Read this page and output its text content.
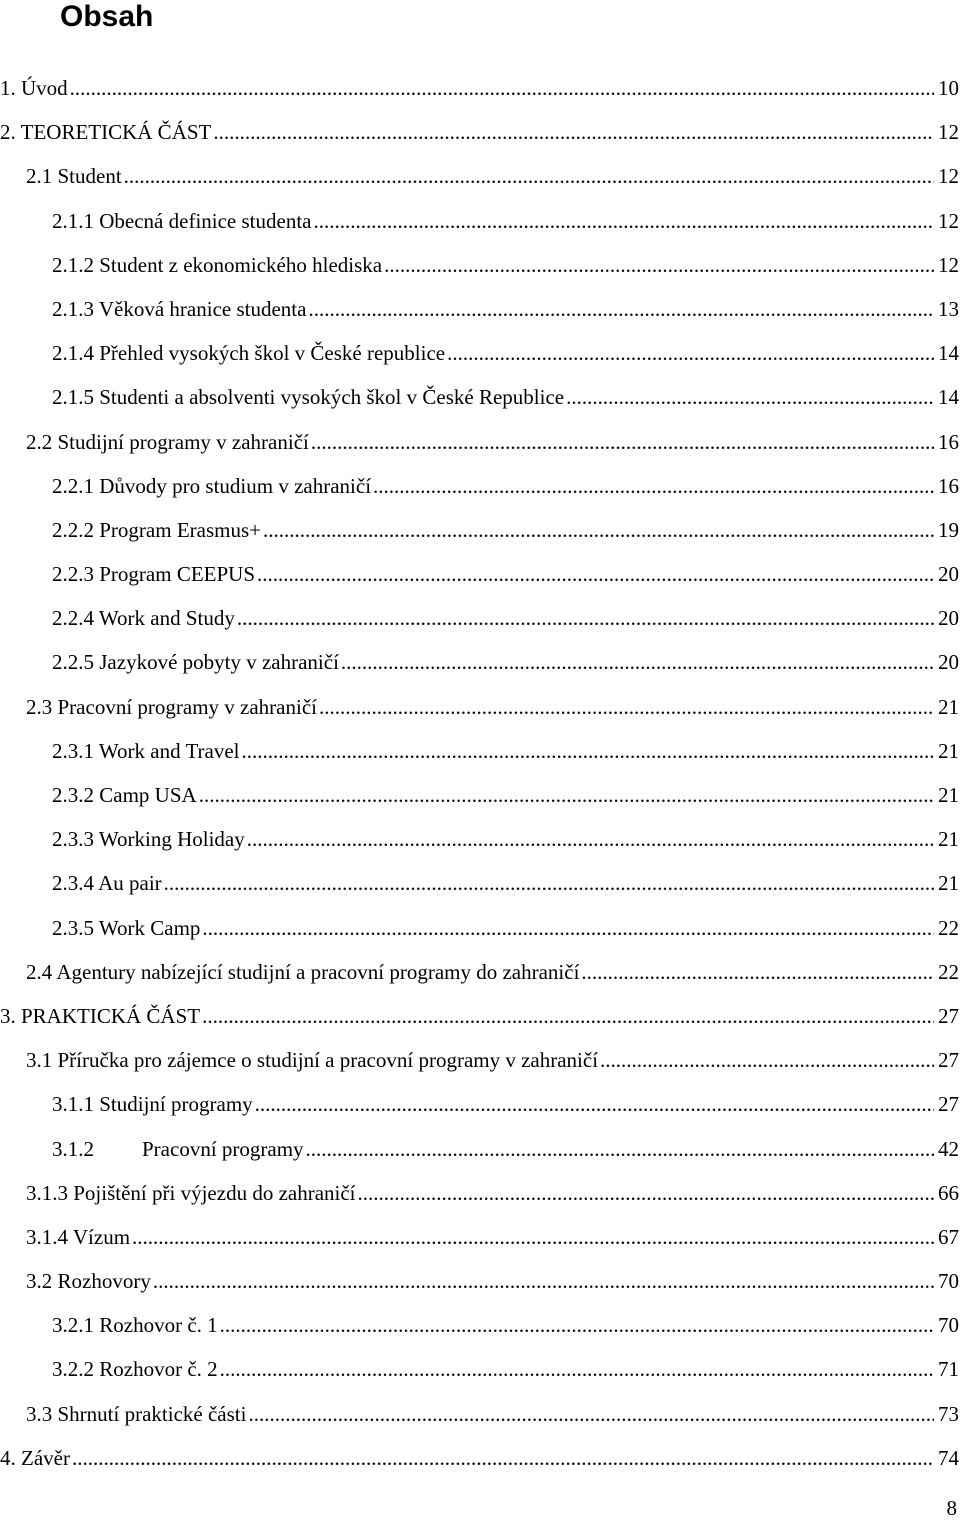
Obsah
1. Úvod .....	10
2. TEORETICKÁ ČÁST .....	12
2.1 Student .....	12
2.1.1 Obecná definice studenta .....	12
2.1.2 Student z ekonomického hlediska .....	12
2.1.3 Věková hranice studenta .....	13
2.1.4 Přehled vysokých škol v České republice .....	14
2.1.5 Studenti a absolventi vysokých škol v České Republice .....	14
2.2 Studijní programy v zahraničí .....	16
2.2.1 Důvody pro studium v zahraničí .....	16
2.2.2 Program Erasmus+ .....	19
2.2.3 Program CEEPUS .....	20
2.2.4 Work and Study .....	20
2.2.5 Jazykové pobyty v zahraničí .....	20
2.3 Pracovní programy v zahraničí .....	21
2.3.1 Work and Travel .....	21
2.3.2 Camp USA .....	21
2.3.3 Working Holiday .....	21
2.3.4 Au pair .....	21
2.3.5 Work Camp .....	22
2.4 Agentury nabízející studijní a pracovní programy do zahraničí .....	22
3. PRAKTICKÁ ČÁST .....	27
3.1 Příručka pro zájemce o studijní a pracovní programy v zahraničí .....	27
3.1.1 Studijní programy .....	27
3.1.2 Pracovní programy .....	42
3.1.3 Pojištění při výjezdu do zahraničí .....	66
3.1.4 Vízum .....	67
3.2 Rozhovory .....	70
3.2.1 Rozhovor č. 1 .....	70
3.2.2 Rozhovor č. 2 .....	71
3.3 Shrnutí praktické části .....	73
4. Závěr .....	74
8
